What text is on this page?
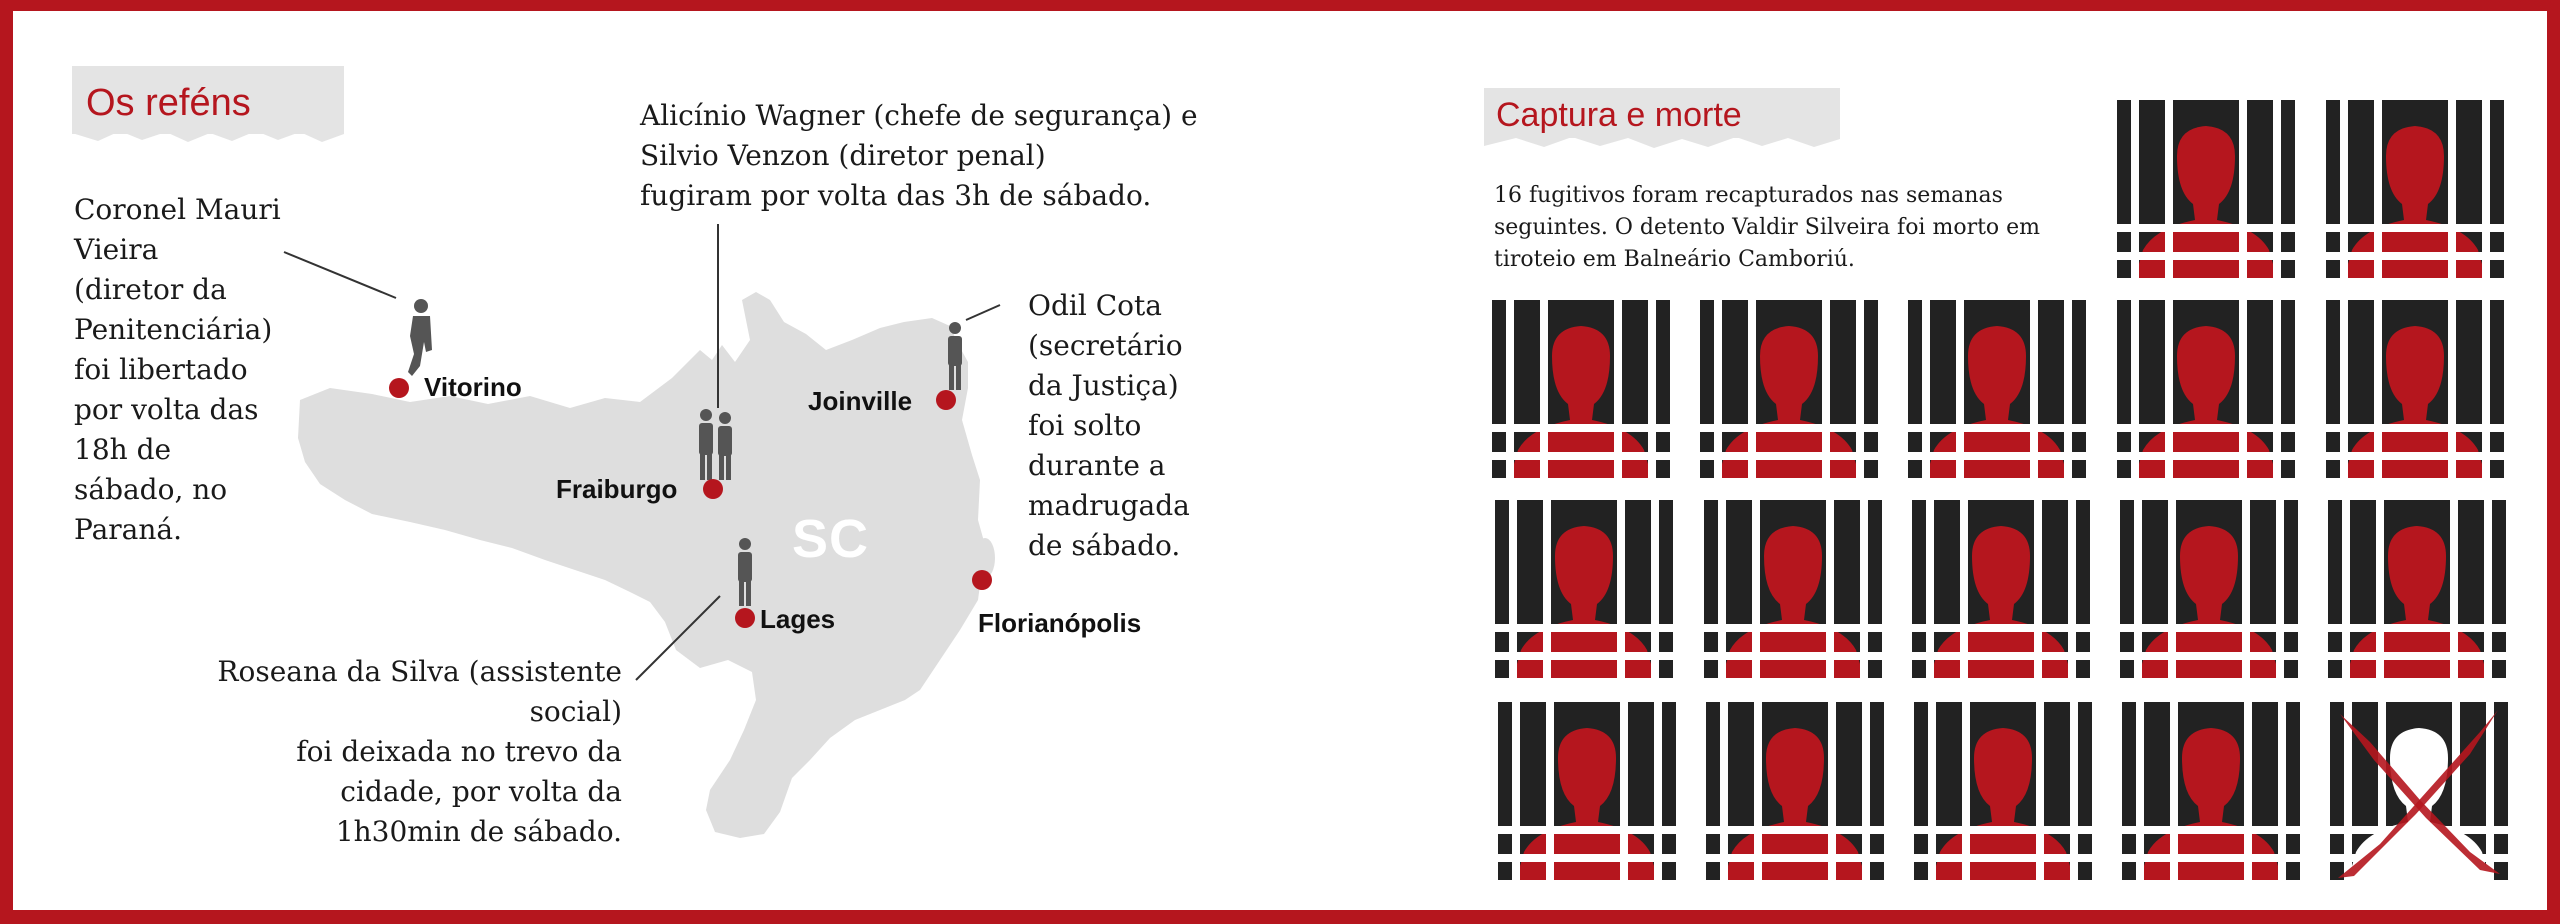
Os reféns
SC
Vitorino	Joinville
Fraiburgo
Lages	Florianópolis
Coronel Mauri
Vieira
(diretor da
Penitenciária)
foi libertado
por volta das
18h de
sábado, no
Paraná.
Alicínio Wagner (chefe de segurança) e
Silvio Venzon (diretor penal)
fugiram por volta das 3h de sábado.
Odil Cota
(secretário
da Justiça)
foi solto
durante a
madrugada
de sábado.
Roseana da Silva (assistente
social)
foi deixada no trevo da
cidade, por volta da
1h30min de sábado.
Captura e morte
16 fugitivos foram recapturados nas semanas
seguintes. O detento Valdir Silveira foi morto em
tiroteio em Balneário Camboriú.
